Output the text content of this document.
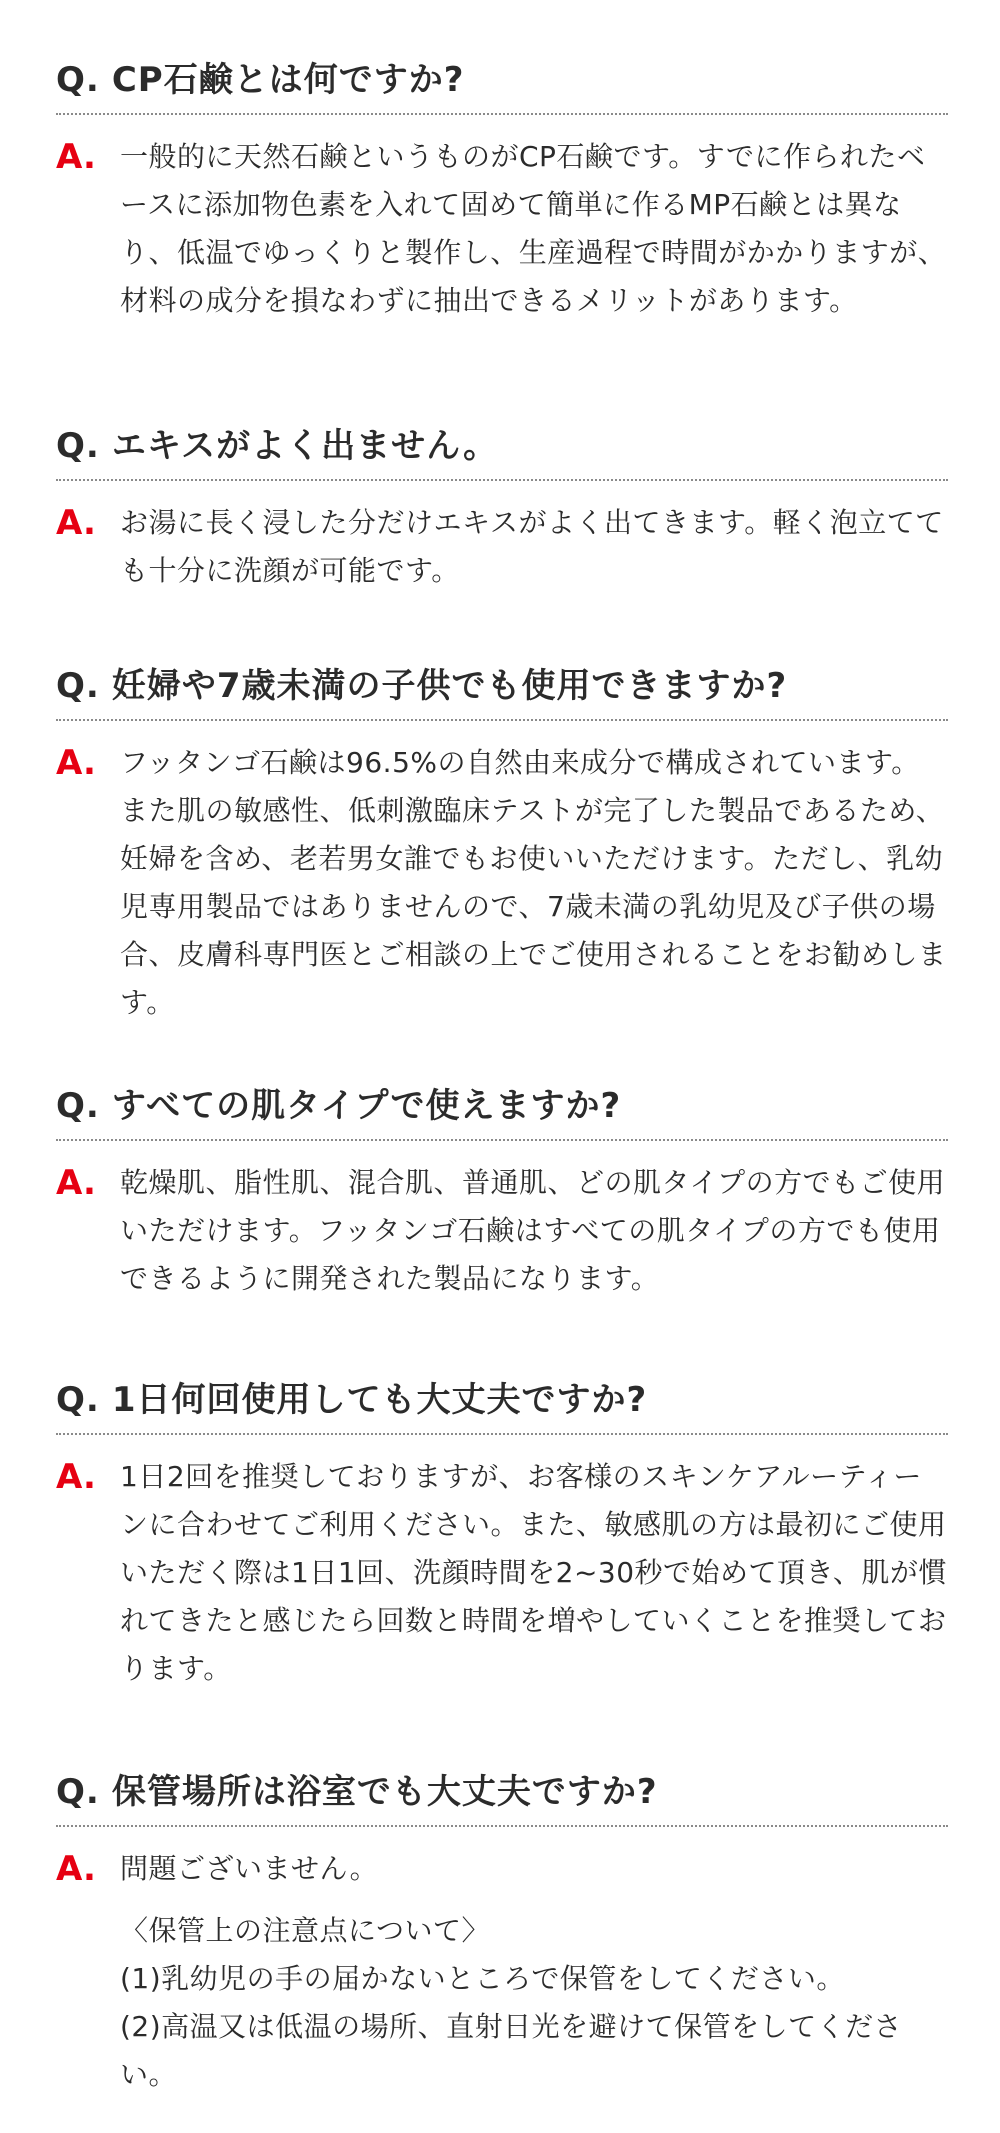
Q. CP石鹸とは何ですか?
A. 一般的に天然石鹸というものがCP石鹸です。すでに作られたベースに添加物色素を入れて固めて簡単に作るMP石鹸とは異なり、低温でゆっくりと製作し、生産過程で時間がかかりますが、材料の成分を損なわずに抽出できるメリットがあります。

Q. エキスがよく出ません。
A. お湯に長く浸した分だけエキスがよく出てきます。軽く泡立てても十分に洗顔が可能です。

Q. 妊婦や7歳未満の子供でも使用できますか?
A. フッタンゴ石鹸は96.5%の自然由来成分で構成されています。また肌の敏感性、低刺激臨床テストが完了した製品であるため、妊婦を含め、老若男女誰でもお使いいただけます。ただし、乳幼児専用製品ではありませんので、7歳未満の乳幼児及び子供の場合、皮膚科専門医とご相談の上でご使用されることをお勧めします。

Q. すべての肌タイプで使えますか?
A. 乾燥肌、脂性肌、混合肌、普通肌、どの肌タイプの方でもご使用いただけます。フッタンゴ石鹸はすべての肌タイプの方でも使用できるように開発された製品になります。

Q. 1日何回使用しても大丈夫ですか?
A. 1日2回を推奨しておりますが、お客様のスキンケアルーティーンに合わせてご利用ください。また、敏感肌の方は最初にご使用いただく際は1日1回、洗顔時間を2~30秒で始めて頂き、肌が慣れてきたと感じたら回数と時間を増やしていくことを推奨しております。

Q. 保管場所は浴室でも大丈夫ですか?
A. 問題ございません。

〈保管上の注意点について〉

(1)乳幼児の手の届かないところで保管をしてください。

(2)高温又は低温の場所、直射日光を避けて保管をしてください。
